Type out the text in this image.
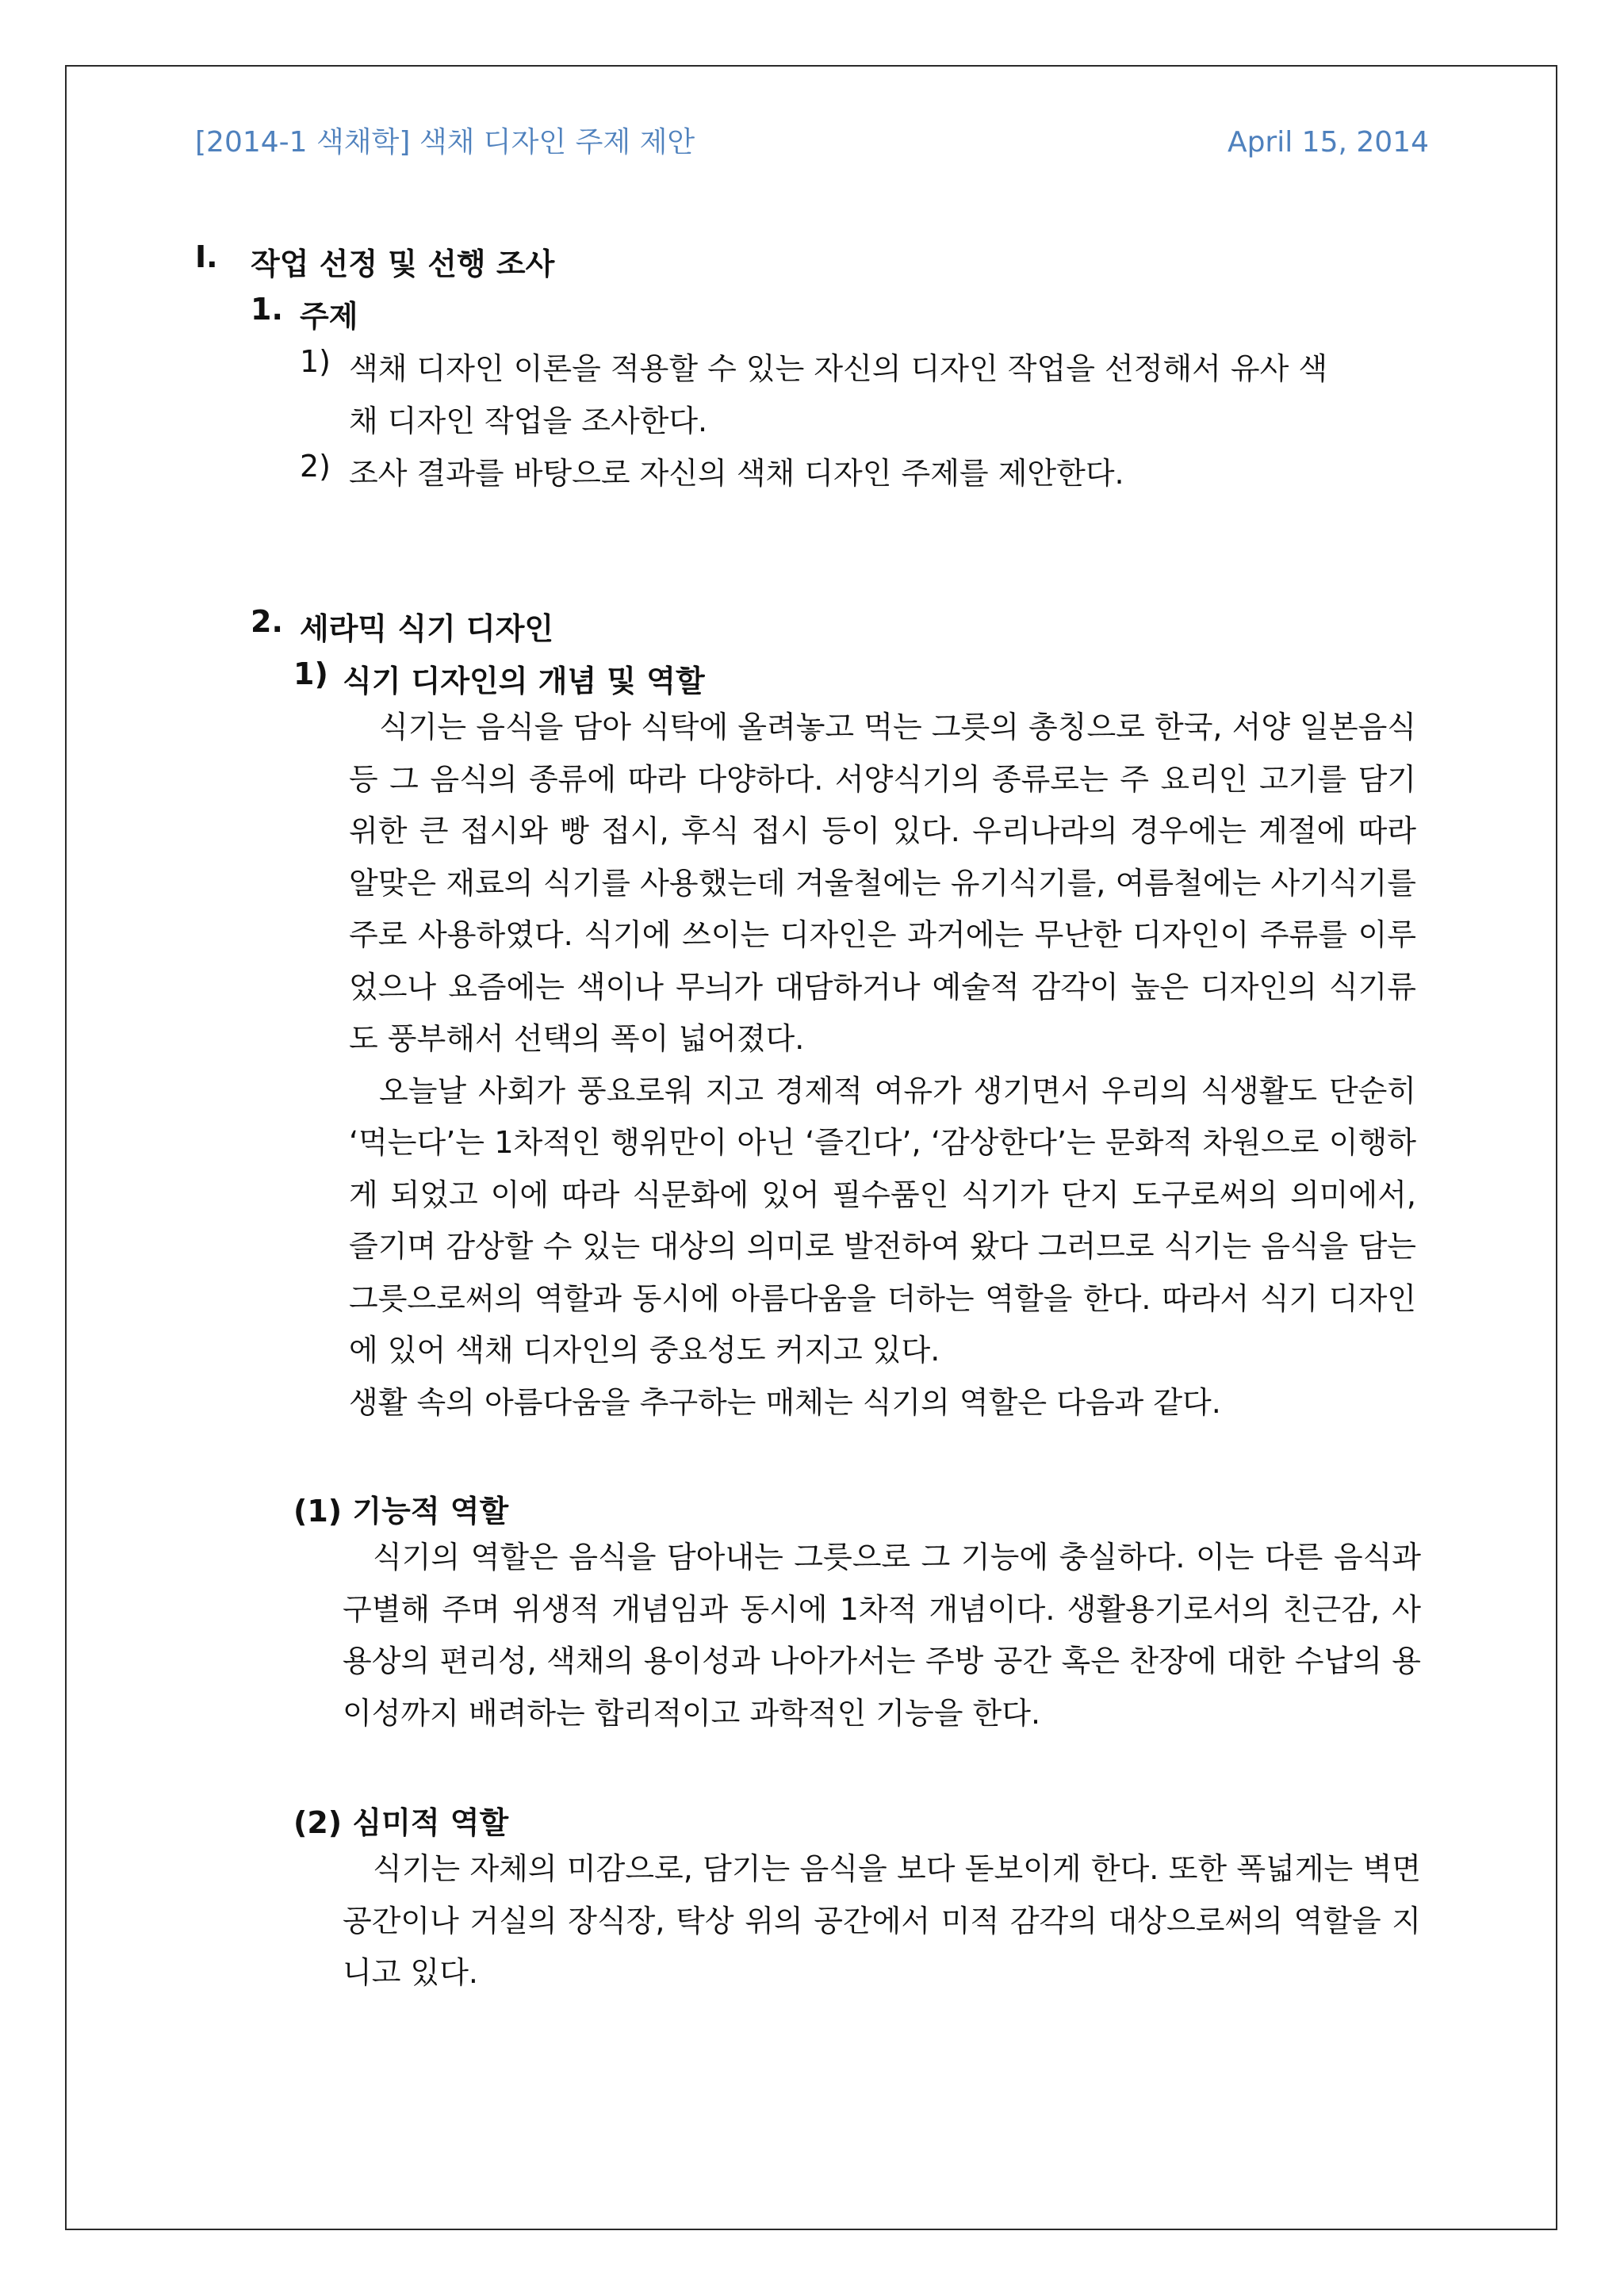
[2014-1 색채학] 색채 디자인 주제 제안	April 15, 2014
I. 작업 선정 및 선행 조사
1. 주제
1) 색채 디자인 이론을 적용할 수 있는 자신의 디자인 작업을 선정해서 유사 색
채 디자인 작업을 조사한다.
2) 조사 결과를 바탕으로 자신의 색채 디자인 주제를 제안한다.
2. 세라믹 식기 디자인
1) 식기 디자인의 개념 및 역할

식기는 음식을 담아 식탁에 올려놓고 먹는 그릇의 총칭으로 한국, 서양 일본음식 등 그 음식의 종류에 따라 다양하다. 서양식기의 종류로는 주 요리인 고기를 담기 위한 큰 접시와 빵 접시, 후식 접시 등이 있다. 우리나라의 경우에는 계절에 따라 알맞은 재료의 식기를 사용했는데 겨울철에는 유기식기를, 여름철에는 사기식기를 주로 사용하였다. 식기에 쓰이는 디자인은 과거에는 무난한 디자인이 주류를 이루었으나 요즘에는 색이나 무늬가 대담하거나 예술적 감각이 높은 디자인의 식기류도 풍부해서 선택의 폭이 넓어졌다.

오늘날 사회가 풍요로워 지고 경제적 여유가 생기면서 우리의 식생활도 단순히 ‘먹는다’는 1차적인 행위만이 아닌 ‘즐긴다’, ‘감상한다’는 문화적 차원으로 이행하게 되었고 이에 따라 식문화에 있어 필수품인 식기가 단지 도구로써의 의미에서, 즐기며 감상할 수 있는 대상의 의미로 발전하여 왔다 그러므로 식기는 음식을 담는 그릇으로써의 역할과 동시에 아름다움을 더하는 역할을 한다. 따라서 식기 디자인에 있어 색채 디자인의 중요성도 커지고 있다.

생활 속의 아름다움을 추구하는 매체는 식기의 역할은 다음과 같다.

(1) 기능적 역할

식기의 역할은 음식을 담아내는 그릇으로 그 기능에 충실하다. 이는 다른 음식과 구별해 주며 위생적 개념임과 동시에 1차적 개념이다. 생활용기로서의 친근감, 사용상의 편리성, 색채의 용이성과 나아가서는 주방 공간 혹은 찬장에 대한 수납의 용이성까지 배려하는 합리적이고 과학적인 기능을 한다.

(2) 심미적 역할

식기는 자체의 미감으로, 담기는 음식을 보다 돋보이게 한다. 또한 폭넓게는 벽면공간이나 거실의 장식장, 탁상 위의 공간에서 미적 감각의 대상으로써의 역할을 지니고 있다.
